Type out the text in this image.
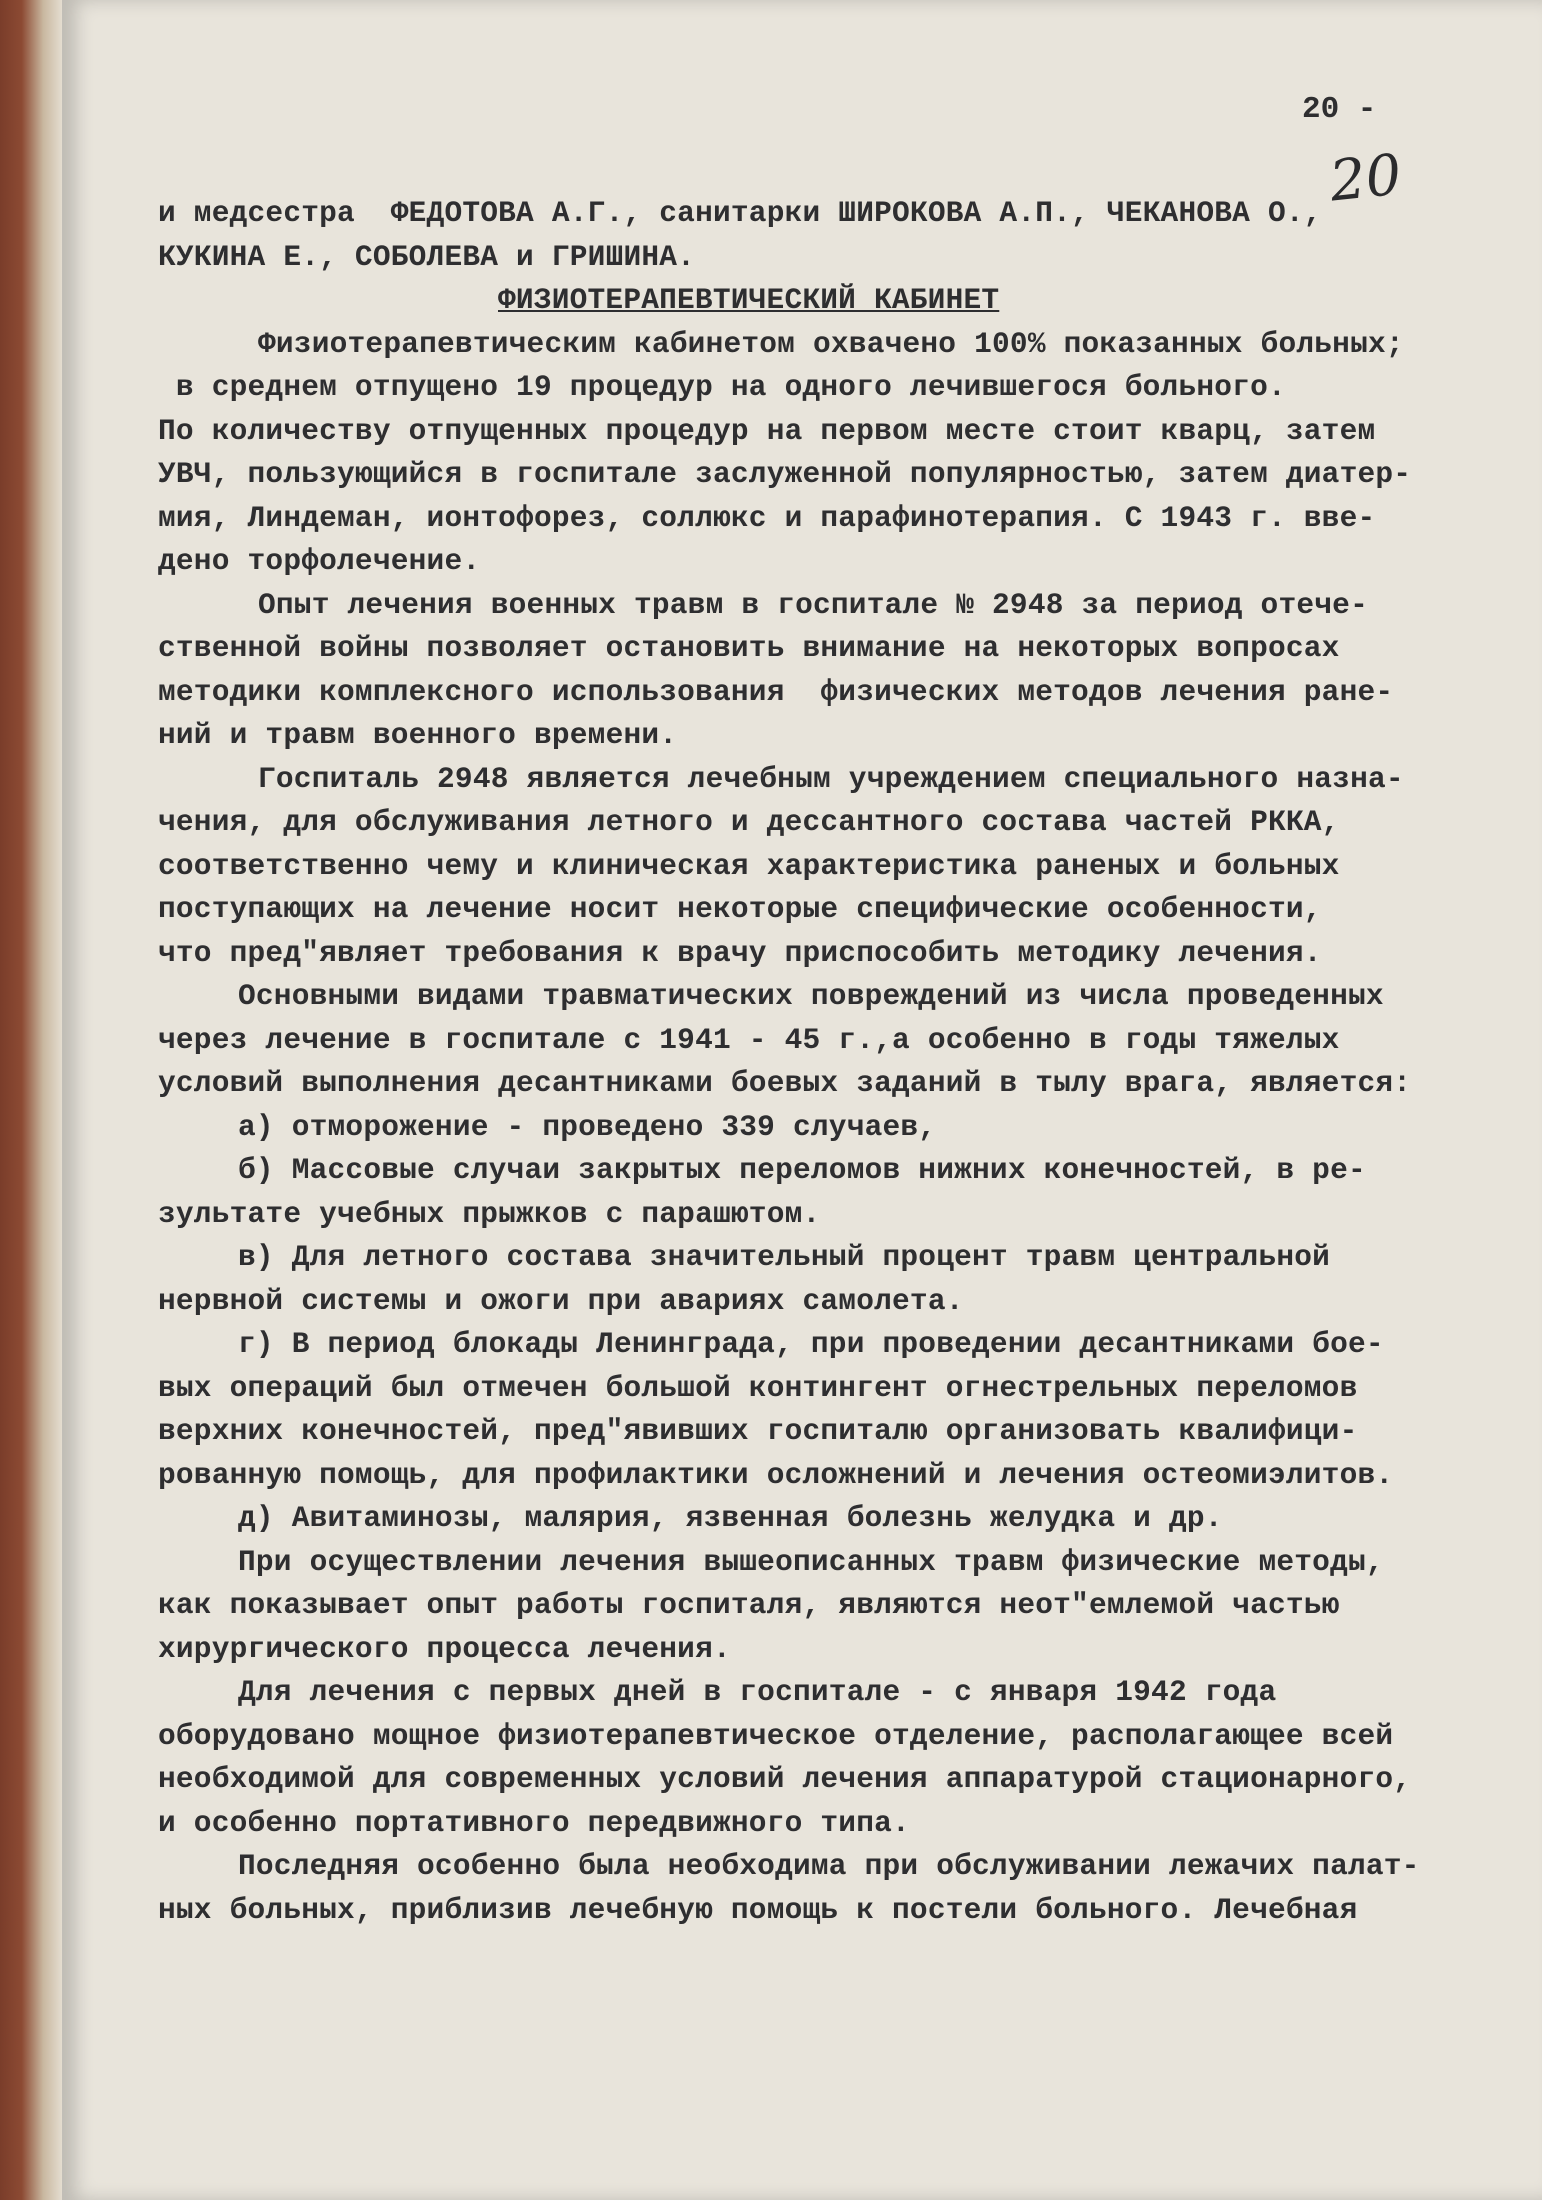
20 -
20
и медсестра  ФЕДОТОВА А.Г., санитарки ШИРОКОВА А.П., ЧЕКАНОВА О.,
КУКИНА Е., СОБОЛЕВА и ГРИШИНА.
ФИЗИОТЕРАПЕВТИЧЕСКИЙ КАБИНЕТ
Физиотерапевтическим кабинетом охвачено 100% показанных больных;
в среднем отпущено 19 процедур на одного лечившегося больного.
По количеству отпущенных процедур на первом месте стоит кварц, затем
УВЧ, пользующийся в госпитале заслуженной популярностью, затем диатер-
мия, Линдеман, ионтофорез, соллюкс и парафинотерапия. С 1943 г. вве-
дено торфолечение.
Опыт лечения военных травм в госпитале № 2948 за период отече-
ственной войны позволяет остановить внимание на некоторых вопросах
методики комплексного использования  физических методов лечения ране-
ний и травм военного времени.
Госпиталь 2948 является лечебным учреждением специального назна-
чения, для обслуживания летного и дессантного состава частей РККА,
соответственно чему и клиническая характеристика раненых и больных
поступающих на лечение носит некоторые специфические особенности,
что пред"являет требования к врачу приспособить методику лечения.
Основными видами травматических повреждений из числа проведенных
через лечение в госпитале с 1941 - 45 г.,а особенно в годы тяжелых
условий выполнения десантниками боевых заданий в тылу врага, является:
а) отморожение - проведено 339 случаев,
б) Массовые случаи закрытых переломов нижних конечностей, в ре-
зультате учебных прыжков с парашютом.
в) Для летного состава значительный процент травм центральной
нервной системы и ожоги при авариях самолета.
г) В период блокады Ленинграда, при проведении десантниками бое-
вых операций был отмечен большой контингент огнестрельных переломов
верхних конечностей, пред"явивших госпиталю организовать квалифици-
рованную помощь, для профилактики осложнений и лечения остеомиэлитов.
д) Авитаминозы, малярия, язвенная болезнь желудка и др.
При осуществлении лечения вышеописанных травм физические методы,
как показывает опыт работы госпиталя, являются неот"емлемой частью
хирургического процесса лечения.
Для лечения с первых дней в госпитале - с января 1942 года
оборудовано мощное физиотерапевтическое отделение, располагающее всей
необходимой для современных условий лечения аппаратурой стационарного,
и особенно портативного передвижного типа.
Последняя особенно была необходима при обслуживании лежачих палат-
ных больных, приблизив лечебную помощь к постели больного. Лечебная
